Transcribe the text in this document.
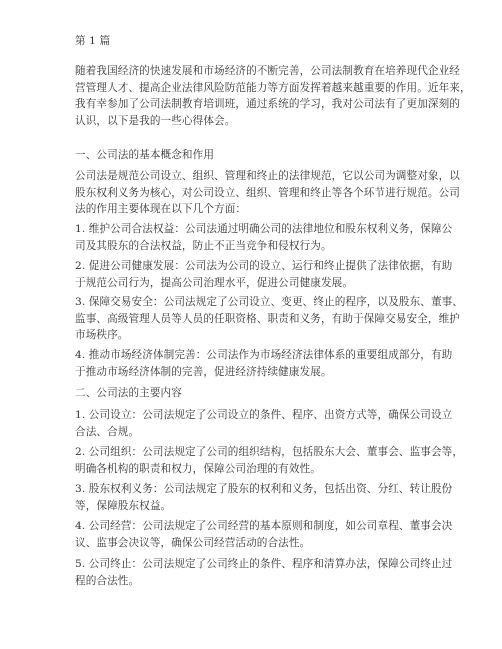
第 1 篇

随着我国经济的快速发展和市场经济的不断完善，公司法制教育在培养现代企业经
营管理人才、提高企业法律风险防范能力等方面发挥着越来越重要的作用。近年来，
我有幸参加了公司法制教育培训班，通过系统的学习，我对公司法有了更加深刻的
认识，以下是我的一些心得体会。

一、公司法的基本概念和作用

公司法是规范公司设立、组织、管理和终止的法律规范，它以公司为调整对象，以
股东权利义务为核心，对公司设立、组织、管理和终止等各个环节进行规范。公司
法的作用主要体现在以下几个方面：

1. 维护公司合法权益：公司法通过明确公司的法律地位和股东权利义务，保障公
司及其股东的合法权益，防止不正当竞争和侵权行为。

2. 促进公司健康发展：公司法为公司的设立、运行和终止提供了法律依据，有助
于规范公司行为，提高公司治理水平，促进公司健康发展。

3. 保障交易安全：公司法规定了公司设立、变更、终止的程序，以及股东、董事、
监事、高级管理人员等人员的任职资格、职责和义务，有助于保障交易安全，维护
市场秩序。

4. 推动市场经济体制完善：公司法作为市场经济法律体系的重要组成部分，有助
于推动市场经济体制的完善，促进经济持续健康发展。

二、公司法的主要内容

1. 公司设立：公司法规定了公司设立的条件、程序、出资方式等，确保公司设立
合法、合规。

2. 公司组织：公司法规定了公司的组织结构，包括股东大会、董事会、监事会等，
明确各机构的职责和权力，保障公司治理的有效性。

3. 股东权利义务：公司法规定了股东的权利和义务，包括出资、分红、转让股份
等，保障股东权益。

4. 公司经营：公司法规定了公司经营的基本原则和制度，如公司章程、董事会决
议、监事会决议等，确保公司经营活动的合法性。

5. 公司终止：公司法规定了公司终止的条件、程序和清算办法，保障公司终止过
程的合法性。
